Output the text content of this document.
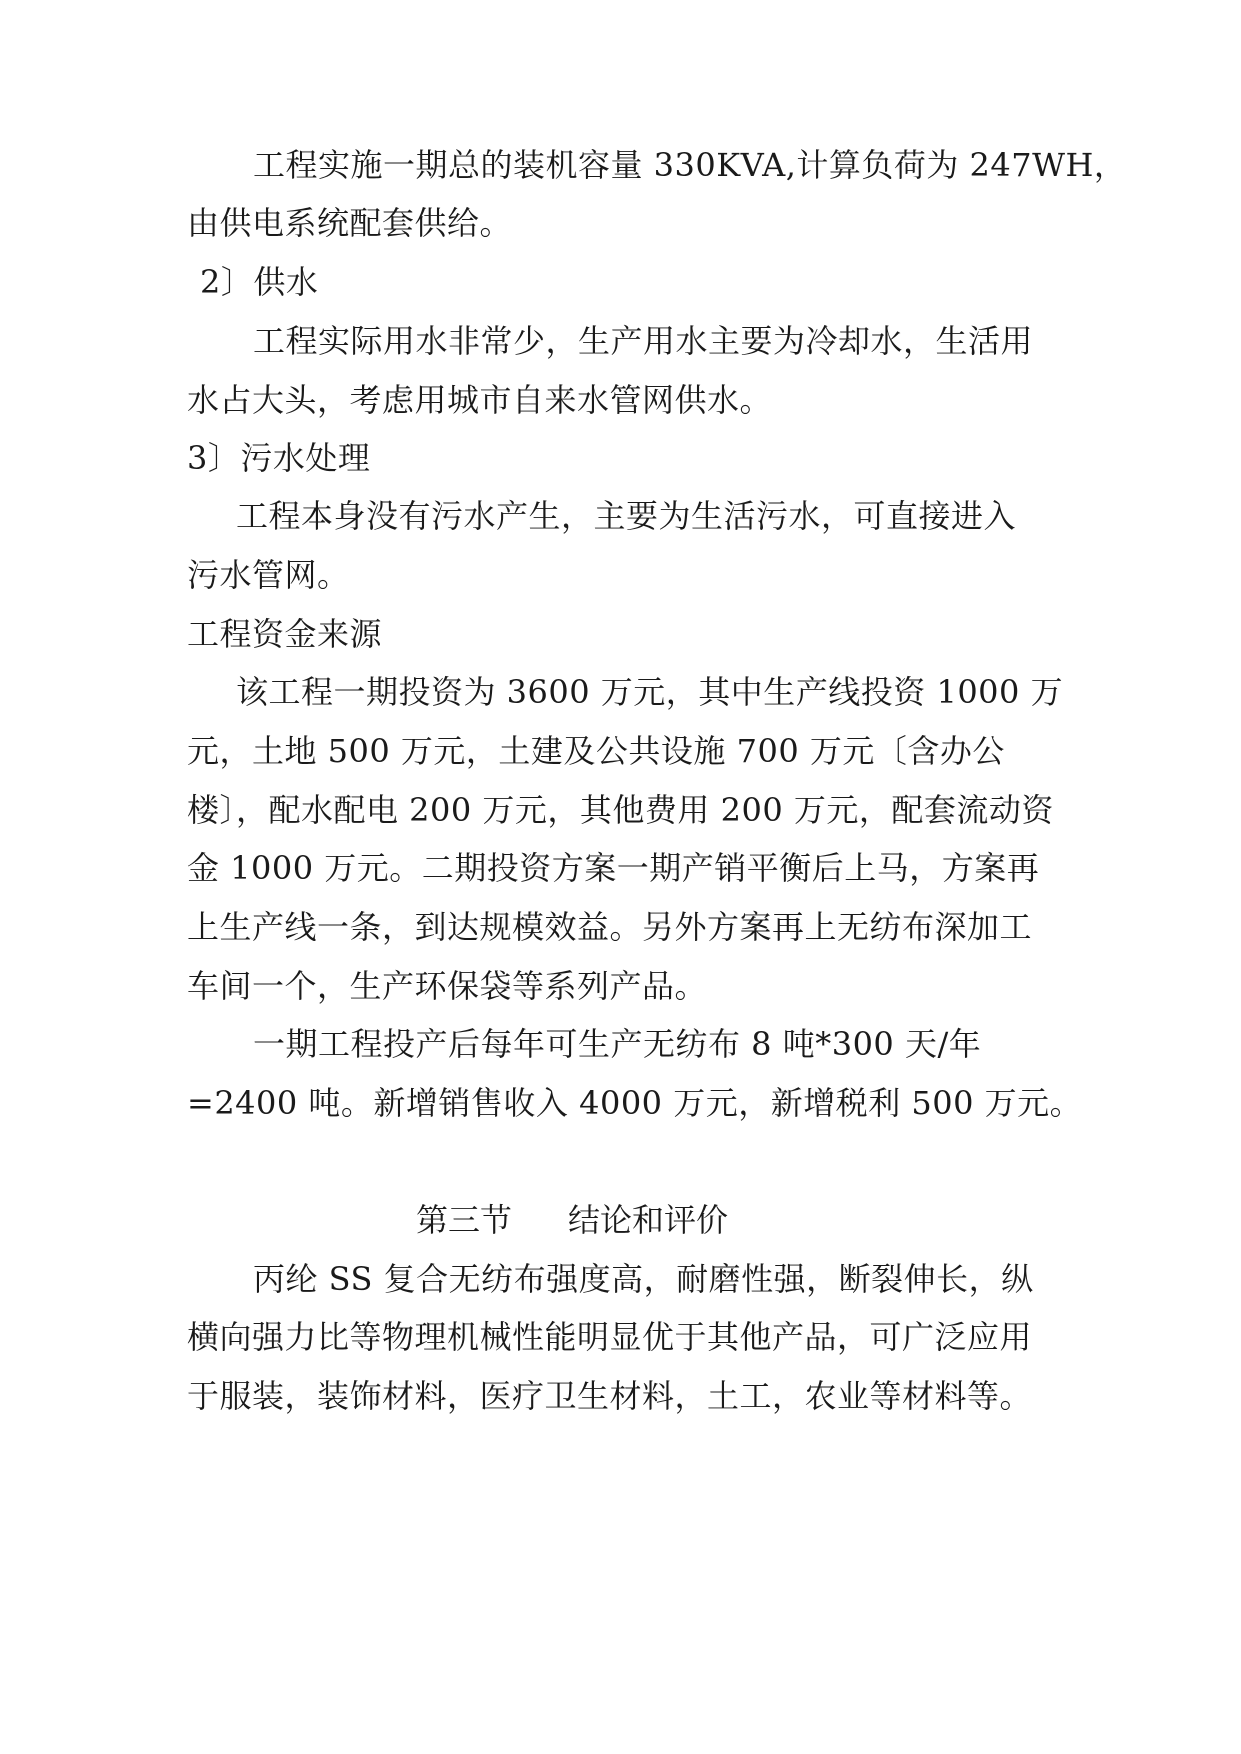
工程实施一期总的装机容量 330KVA,计算负荷为 247WH，
由供电系统配套供给。
2〕供水
工程实际用水非常少，生产用水主要为冷却水，生活用
水占大头，考虑用城市自来水管网供水。
3〕污水处理
工程本身没有污水产生，主要为生活污水，可直接进入
污水管网。
工程资金来源
该工程一期投资为 3600 万元，其中生产线投资 1000 万
元，土地 500 万元，土建及公共设施 700 万元〔含办公
楼〕，配水配电 200 万元，其他费用 200 万元，配套流动资
金 1000 万元。二期投资方案一期产销平衡后上马，方案再
上生产线一条，到达规模效益。另外方案再上无纺布深加工
车间一个，生产环保袋等系列产品。
一期工程投产后每年可生产无纺布 8 吨*300 天/年
=2400 吨。新增销售收入 4000 万元，新增税利 500 万元。
第三节 结论和评价
丙纶 SS 复合无纺布强度高，耐磨性强，断裂伸长，纵
横向强力比等物理机械性能明显优于其他产品，可广泛应用
于服装，装饰材料，医疗卫生材料，土工，农业等材料等。
